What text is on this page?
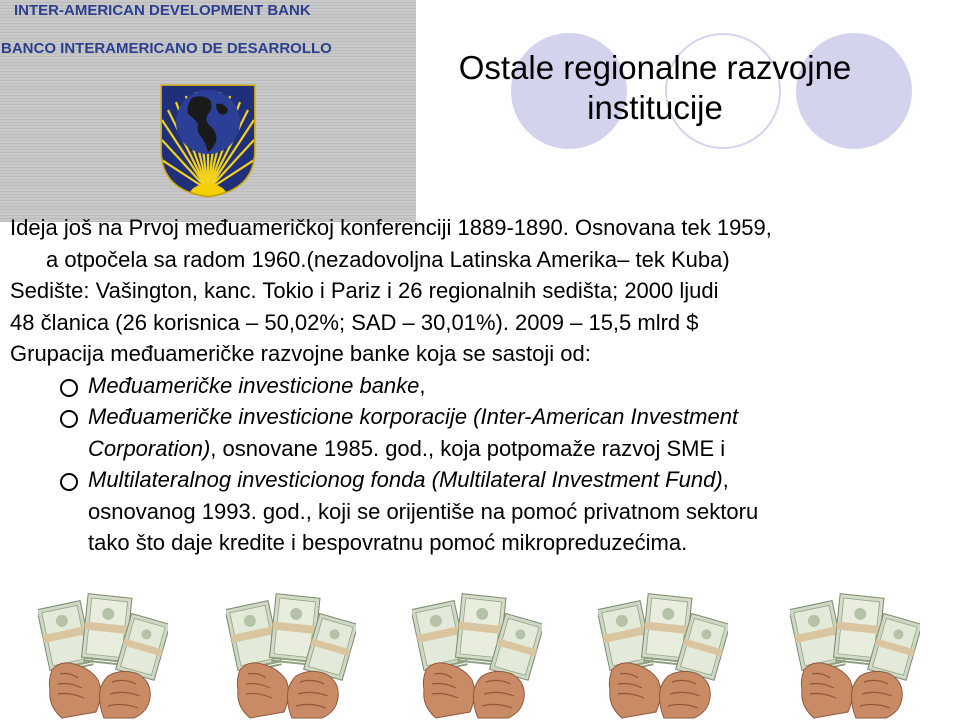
INTER-AMERICAN DEVELOPMENT BANK
BANCO INTERAMERICANO DE DESARROLLO
Ostale regionalne razvojne
institucije

Ideja još na Prvoj međuameričkoj konferenciji 1889-1890. Osnovana tek 1959,
a otpočela sa radom 1960.(nezadovoljna Latinska Amerika– tek Kuba)

Sedište: Vašington, kanc. Tokio i Pariz i 26 regionalnih sedišta; 2000 ljudi

48 članica (26 korisnica – 50,02%; SAD – 30,01%). 2009 – 15,5 mlrd $

Grupacija međuameričke razvojne banke koja se sastoji od:

Međuameričke investicione banke,
Međuameričke investicione korporacije (Inter-American Investment
Corporation), osnovane 1985. god., koja potpomaže razvoj SME i
Multilateralnog investicionog fonda (Multilateral Investment Fund),
osnovanog 1993. god., koji se orijentiše na pomoć privatnom sektoru
tako što daje kredite i bespovratnu pomoć mikropreduzećima.
